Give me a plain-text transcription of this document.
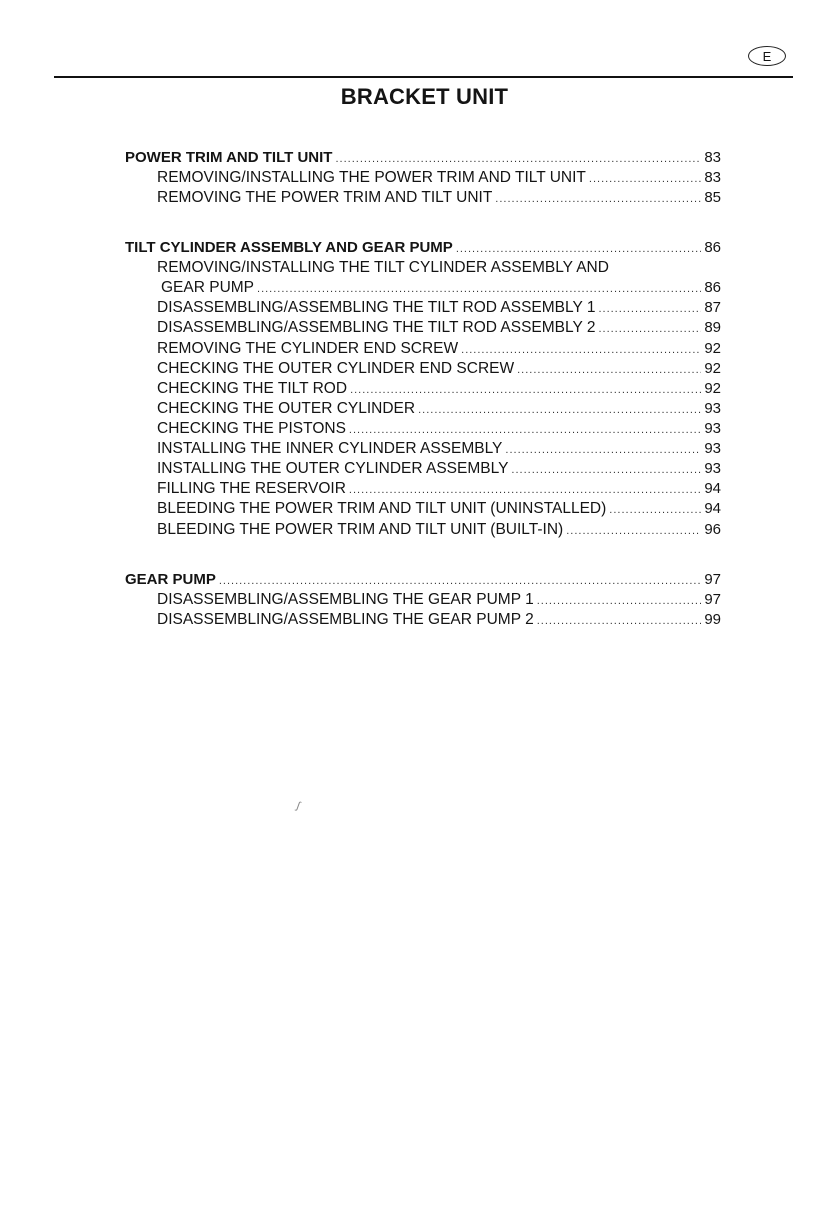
E
BRACKET UNIT
POWER TRIM AND TILT UNIT .....	83
REMOVING/INSTALLING THE POWER TRIM AND TILT UNIT .....	83
REMOVING THE POWER TRIM AND TILT UNIT .....	85
TILT CYLINDER ASSEMBLY AND GEAR PUMP .....	86
REMOVING/INSTALLING THE TILT CYLINDER ASSEMBLY AND
GEAR PUMP .....	86
DISASSEMBLING/ASSEMBLING THE TILT ROD ASSEMBLY 1 .....	87
DISASSEMBLING/ASSEMBLING THE TILT ROD ASSEMBLY 2 .....	89
REMOVING THE CYLINDER END SCREW .....	92
CHECKING THE OUTER CYLINDER END SCREW .....	92
CHECKING THE TILT ROD .....	92
CHECKING THE OUTER CYLINDER .....	93
CHECKING THE PISTONS .....	93
INSTALLING THE INNER CYLINDER ASSEMBLY .....	93
INSTALLING THE OUTER CYLINDER ASSEMBLY .....	93
FILLING THE RESERVOIR .....	94
BLEEDING THE POWER TRIM AND TILT UNIT (UNINSTALLED) .....	94
BLEEDING THE POWER TRIM AND TILT UNIT (BUILT-IN) .....	96
GEAR PUMP .....	97
DISASSEMBLING/ASSEMBLING THE GEAR PUMP 1 .....	97
DISASSEMBLING/ASSEMBLING THE GEAR PUMP 2 .....	99
ʃ
